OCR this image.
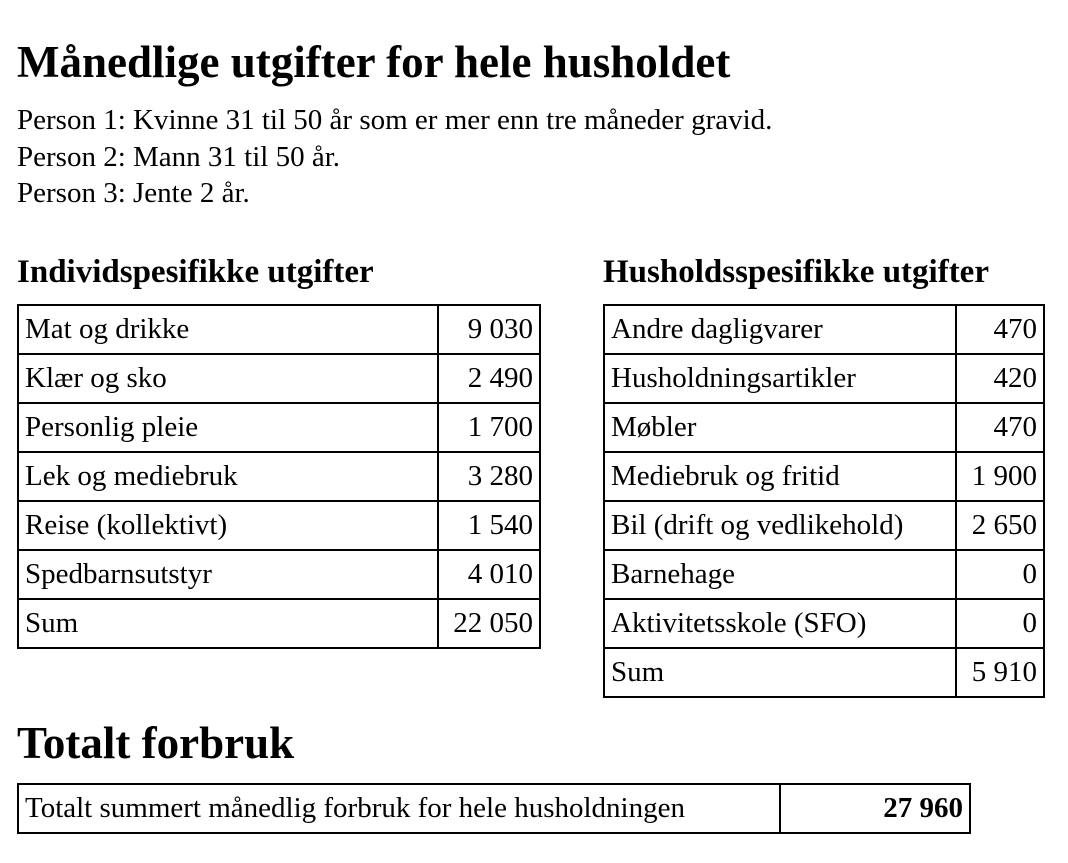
Månedlige utgifter for hele husholdet
Person 1: Kvinne 31 til 50 år som er mer enn tre måneder gravid.
Person 2: Mann 31 til 50 år.
Person 3: Jente 2 år.
Individspesifikke utgifter
Mat og drikke	9 030
Klær og sko	2 490
Personlig pleie	1 700
Lek og mediebruk	3 280
Reise (kollektivt)	1 540
Spedbarnsutstyr	4 010
Sum	22 050
Husholdsspesifikke utgifter
Andre dagligvarer	470
Husholdningsartikler	420
Møbler	470
Mediebruk og fritid	1 900
Bil (drift og vedlikehold)	2 650
Barnehage	0
Aktivitetsskole (SFO)	0
Sum	5 910
Totalt forbruk
Totalt summert månedlig forbruk for hele husholdningen	27 960
